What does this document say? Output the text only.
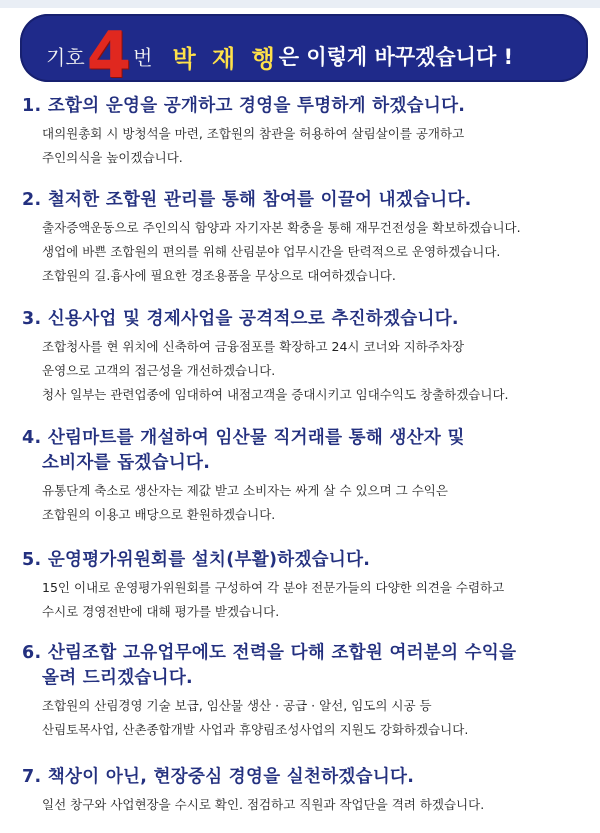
기호4 번 박 재 행은 이렇게 바꾸겠습니다 !
1. 조합의 운영을 공개하고 경영을 투명하게 하겠습니다.
대의원총회 시 방청석을 마련, 조합원의 참관을 허용하여 살림살이를 공개하고
주인의식을 높이겠습니다.
2. 철저한 조합원 관리를 통해 참여를 이끌어 내겠습니다.
출자증액운동으로 주인의식 함양과 자기자본 확충을 통해 재무건전성을 확보하겠습니다.
생업에 바쁜 조합원의 편의를 위해 산림분야 업무시간을 탄력적으로 운영하겠습니다.
조합원의 길.흉사에 필요한 경조용품을 무상으로 대여하겠습니다.
3. 신용사업 및 경제사업을 공격적으로 추진하겠습니다.
조합청사를 현 위치에 신축하여 금융점포를 확장하고 24시 코너와 지하주차장
운영으로 고객의 접근성을 개선하겠습니다.
청사 일부는 관련업종에 임대하여 내점고객을 증대시키고 임대수익도 창출하겠습니다.
4. 산림마트를 개설하여 임산물 직거래를 통해 생산자 및
소비자를 돕겠습니다.
유통단계 축소로 생산자는 제값 받고 소비자는 싸게 살 수 있으며 그 수익은
조합원의 이용고 배당으로 환원하겠습니다.
5. 운영평가위원회를 설치(부활)하겠습니다.
15인 이내로 운영평가위원회를 구성하여 각 분야 전문가들의 다양한 의견을 수렴하고
수시로 경영전반에 대해 평가를 받겠습니다.
6. 산림조합 고유업무에도 전력을 다해 조합원 여러분의 수익을
올려 드리겠습니다.
조합원의 산림경영 기술 보급, 임산물 생산 · 공급 · 알선, 임도의 시공 등
산림토목사업, 산촌종합개발 사업과 휴양림조성사업의 지원도 강화하겠습니다.
7. 책상이 아닌, 현장중심 경영을 실천하겠습니다.
일선 창구와 사업현장을 수시로 확인. 점검하고 직원과 작업단을 격려 하겠습니다.
